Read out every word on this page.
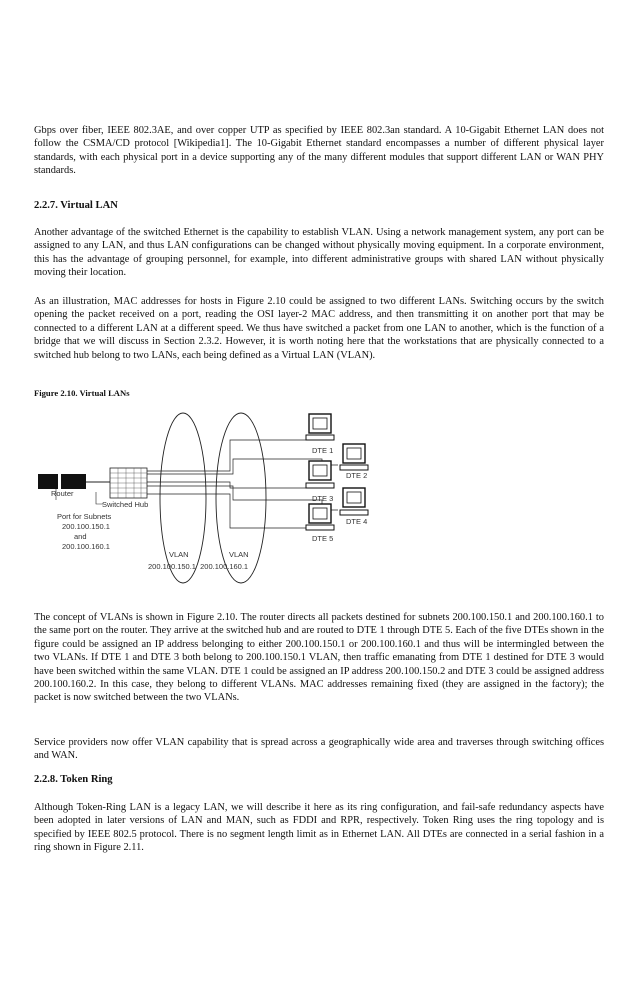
Gbps over fiber, IEEE 802.3AE, and over copper UTP as specified by IEEE 802.3an standard. A 10-Gigabit Ethernet LAN does not follow the CSMA/CD protocol [Wikipedia1]. The 10-Gigabit Ethernet standard encompasses a number of different physical layer standards, with each physical port in a device supporting any of the many different modules that support different LAN or WAN PHY standards.

2.2.7. Virtual LAN

Another advantage of the switched Ethernet is the capability to establish VLAN. Using a network management system, any port can be assigned to any LAN, and thus LAN configurations can be changed without physically moving equipment. In a corporate environment, this has the advantage of grouping personnel, for example, into different administrative groups with shared LAN without physically moving their location.

As an illustration, MAC addresses for hosts in Figure 2.10 could be assigned to two different LANs. Switching occurs by the switch opening the packet received on a port, reading the OSI layer-2 MAC address, and then transmitting it on another port that may be connected to a different LAN at a different speed. We thus have switched a packet from one LAN to another, which is the function of a bridge that we will discuss in Section 2.3.2. However, it is worth noting here that the workstations that are physically connected to a switched hub belong to two LANs, each being defined as a Virtual LAN (VLAN).

Figure 2.10. Virtual LANs

DTE 1
DTE 2
DTE 3
DTE 4
DTE 5
Router
Switched Hub
Port for Subnets
200.100.150.1
and
200.100.160.1
VLAN	VLAN
200.100.150.1  200.100.160.1

The concept of VLANs is shown in Figure 2.10. The router directs all packets destined for subnets 200.100.150.1 and 200.100.160.1 to the same port on the router. They arrive at the switched hub and are routed to DTE 1 through DTE 5. Each of the five DTEs shown in the figure could be assigned an IP address belonging to either 200.100.150.1 or 200.100.160.1 and thus will be intermingled between the two VLANs. If DTE 1 and DTE 3 both belong to 200.100.150.1 VLAN, then traffic emanating from DTE 1 destined for DTE 3 would have been switched within the same VLAN. DTE 1 could be assigned an IP address 200.100.150.2 and DTE 3 could be assigned address 200.100.160.2. In this case, they belong to different VLANs. MAC addresses remaining fixed (they are assigned in the factory); the packet is now switched between the two VLANs.

Service providers now offer VLAN capability that is spread across a geographically wide area and traverses through switching offices and WAN.

2.2.8. Token Ring

Although Token-Ring LAN is a legacy LAN, we will describe it here as its ring configuration, and fail-safe redundancy aspects have been adopted in later versions of LAN and MAN, such as FDDI and RPR, respectively. Token Ring uses the ring topology and is specified by IEEE 802.5 protocol. There is no segment length limit as in Ethernet LAN. All DTEs are connected in a serial fashion in a ring shown in Figure 2.11.
